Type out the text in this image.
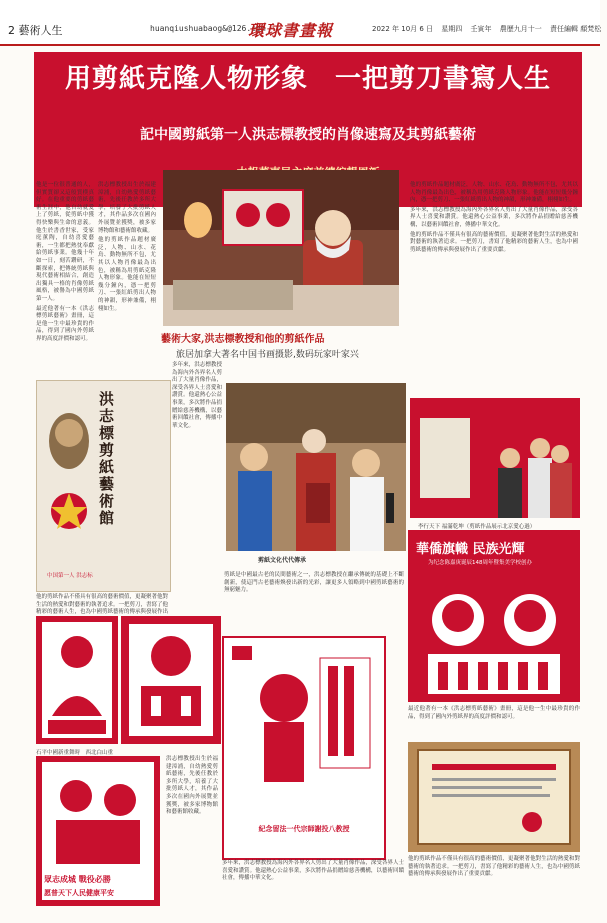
2 藝術人生	huanqiushuabaog&@126.com
環球書畫報	2022 年 10月 6 日 星期四 壬寅年 農歷九月十一 責任編輯 顏梵松
用剪紙克隆人物形象　一把剪刀書寫人生
記中國剪紙第一人洪志標教授的肖像速寫及其剪紙藝術

他是一位很普通的人，但實質卻又這般質樸真好。在他重要的剪紙藝術生涯中，他自幼就愛上了剪紙，從剪紙中獲得快樂與生命的意義。他生於書香世家，受家庭薰陶，自幼喜愛藝術，一生都把熱忱奉獻給剪紙事業。他幾十年如一日，刻苦鑽研，不斷探索，把傳統剪紙與現代藝術相結合，創造出獨具一格的肖像剪紙風格，被譽為中國剪紙第一人。

最近他著有一本《洪志標剪紙藝術》畫冊，這是他一生中最珍貴的作品，得到了國內外剪紙界的高度評價和認可。

洪志標教授出生於福建漳浦，自幼熱愛剪紙藝術，先後任教於多所大學，培養了大批剪紙人才，其作品多次在國內外展覽並獲獎，被多家博物館和藝術館收藏。

他的剪紙作品題材廣泛，人物、山水、花鳥、動物無所不包，尤其以人物肖像最為出色，被稱為用剪紙克隆人物形象。他能在短短幾分鐘內，憑一把剪刀、一張紅紙剪出人物的神韻，形神兼備，栩栩如生。

藝術大家,洪志標教授和他的剪紙作品
旅居加拿大著名中国书画摄影,数码玩家叶家兴

他的剪紙作品題材廣泛，人物、山水、花鳥、動物無所不包，尤其以人物肖像最為出色，被稱為用剪紙克隆人物形象。他能在短短幾分鐘內，憑一把剪刀、一張紅紙剪出人物的神韻，形神兼備，栩栩如生。

多年來，洪志標教授為海內外各界名人剪出了大量肖像作品，深受各界人士喜愛和讚賞。他還熱心公益事業，多次將作品捐贈給慈善機構，以藝術回饋社會，傳播中華文化。

他的剪紙作品不僅具有很高的藝術價值，更凝聚著他對生活的熱愛和對藝術的執著追求。一把剪刀，書寫了他精彩的藝術人生，也為中國剪紙藝術的傳承與發展作出了重要貢獻。

洪志標剪紙藝術館
中国第一人 洪志标

多年來，洪志標教授為海內外各界名人剪出了大量肖像作品，深受各界人士喜愛和讚賞。他還熱心公益事業，多次將作品捐贈給慈善機構，以藝術回饋社會，傳播中華文化。

剪紙文化代代傳承
李行天下 福滿乾坤（剪紙作品展示北京愛心過）
華僑旗幟 民族光輝
为纪念陈嘉庚诞辰148周年暨集美学校创办

他的剪紙作品不僅具有很高的藝術價值，更凝聚著他對生活的熱愛和對藝術的執著追求。一把剪刀，書寫了他精彩的藝術人生，也為中國剪紙藝術的傳承與發展作出

石平中國新重舞時　西北白山重
眾志成城 戰役必勝
愿普天下人民健康平安

剪紙是中國最古老的民間藝術之一，洪志標教授在繼承傳統的基礎上不斷創新，使這門古老藝術煥發出新的光彩，讓更多人領略到中國剪紙藝術的無窮魅力。

洪志標教授出生於福建漳浦，自幼熱愛剪紙藝術，先後任教於多所大學，培養了大批剪紙人才，其作品多次在國內外展覽並獲獎，被多家博物館和藝術館收藏。

紀念留法一代宗師謝投八教授

最近他著有一本《洪志標剪紙藝術》畫冊，這是他一生中最珍貴的作品，得到了國內外剪紙界的高度評價和認可。

他的剪紙作品不僅具有很高的藝術價值，更凝聚著他對生活的熱愛和對藝術的執著追求。一把剪刀，書寫了他精彩的藝術人生，也為中國剪紙藝術的傳承與發展作出了重要貢獻。

多年來，洪志標教授為海內外各界名人剪出了大量肖像作品，深受各界人士喜愛和讚賞。他還熱心公益事業，多次將作品捐贈給慈善機構，以藝術回饋社會，傳播中華文化。
